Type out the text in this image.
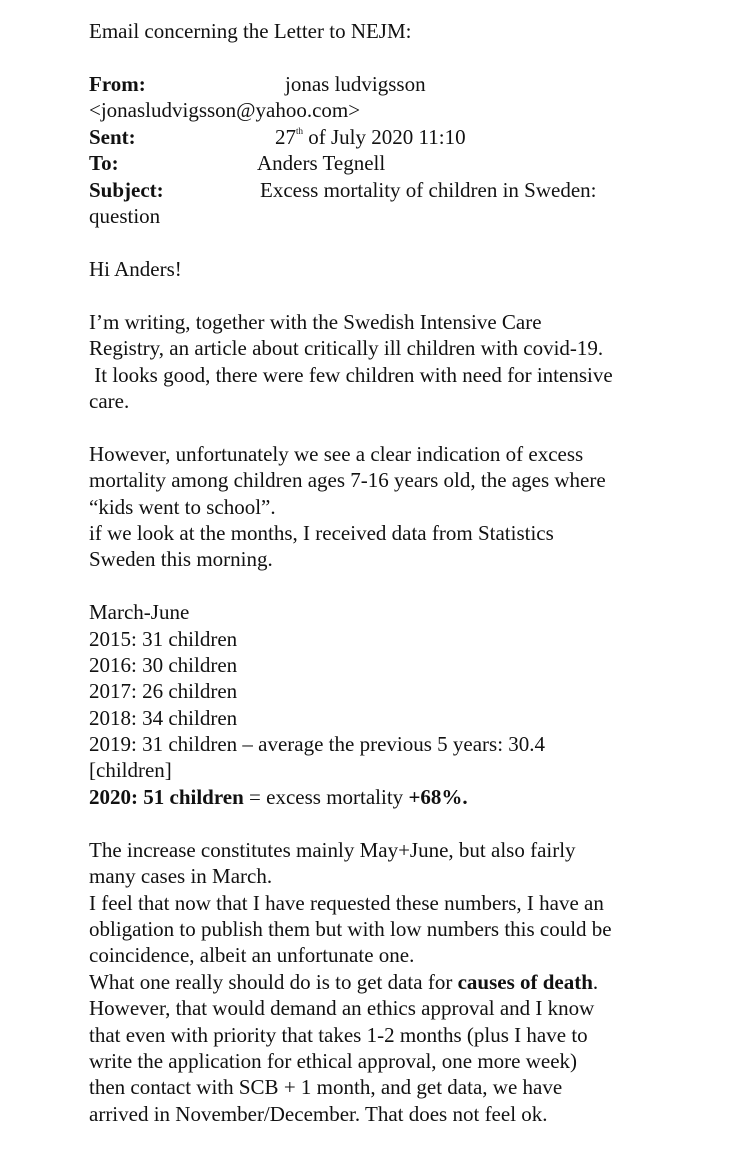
Email concerning the Letter to NEJM:
From:	jonas ludvigsson
<jonasludvigsson@yahoo.com>
Sent:	27th of July 2020 11:10
To:	Anders Tegnell
Subject:	Excess mortality of children in Sweden:
question
Hi Anders!
I’m writing, together with the Swedish Intensive Care
Registry, an article about critically ill children with covid-19.
It looks good, there were few children with need for intensive
care.
However, unfortunately we see a clear indication of excess
mortality among children ages 7-16 years old, the ages where
“kids went to school”.
if we look at the months, I received data from Statistics
Sweden this morning.
March-June
2015: 31 children
2016: 30 children
2017: 26 children
2018: 34 children
2019: 31 children – average the previous 5 years: 30.4
[children]
2020: 51 children = excess mortality +68%.
The increase constitutes mainly May+June, but also fairly
many cases in March.
I feel that now that I have requested these numbers, I have an
obligation to publish them but with low numbers this could be
coincidence, albeit an unfortunate one.
What one really should do is to get data for causes of death.
However, that would demand an ethics approval and I know
that even with priority that takes 1-2 months (plus I have to
write the application for ethical approval, one more week)
then contact with SCB + 1 month, and get data, we have
arrived in November/December. That does not feel ok.
